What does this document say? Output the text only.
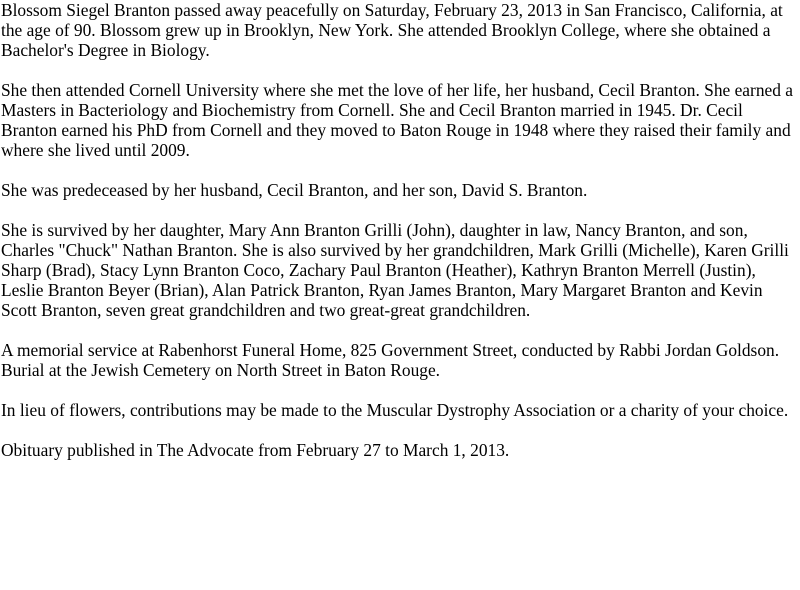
Blossom Siegel Branton passed away peacefully on Saturday, February 23, 2013 in San Francisco, California, at the age of 90. Blossom grew up in Brooklyn, New York. She attended Brooklyn College, where she obtained a Bachelor's Degree in Biology.

She then attended Cornell University where she met the love of her life, her husband, Cecil Branton. She earned a Masters in Bacteriology and Biochemistry from Cornell. She and Cecil Branton married in 1945. Dr. Cecil Branton earned his PhD from Cornell and they moved to Baton Rouge in 1948 where they raised their family and where she lived until 2009.

She was predeceased by her husband, Cecil Branton, and her son, David S. Branton.

She is survived by her daughter, Mary Ann Branton Grilli (John), daughter in law, Nancy Branton, and son, Charles "Chuck" Nathan Branton. She is also survived by her grandchildren, Mark Grilli (Michelle), Karen Grilli Sharp (Brad), Stacy Lynn Branton Coco, Zachary Paul Branton (Heather), Kathryn Branton Merrell (Justin), Leslie Branton Beyer (Brian), Alan Patrick Branton, Ryan James Branton, Mary Margaret Branton and Kevin Scott Branton, seven great grandchildren and two great-great grandchildren.

A memorial service at Rabenhorst Funeral Home, 825 Government Street, conducted by Rabbi Jordan Goldson. Burial at the Jewish Cemetery on North Street in Baton Rouge.

In lieu of flowers, contributions may be made to the Muscular Dystrophy Association or a charity of your choice.

Obituary published in The Advocate from February 27 to March 1, 2013.
